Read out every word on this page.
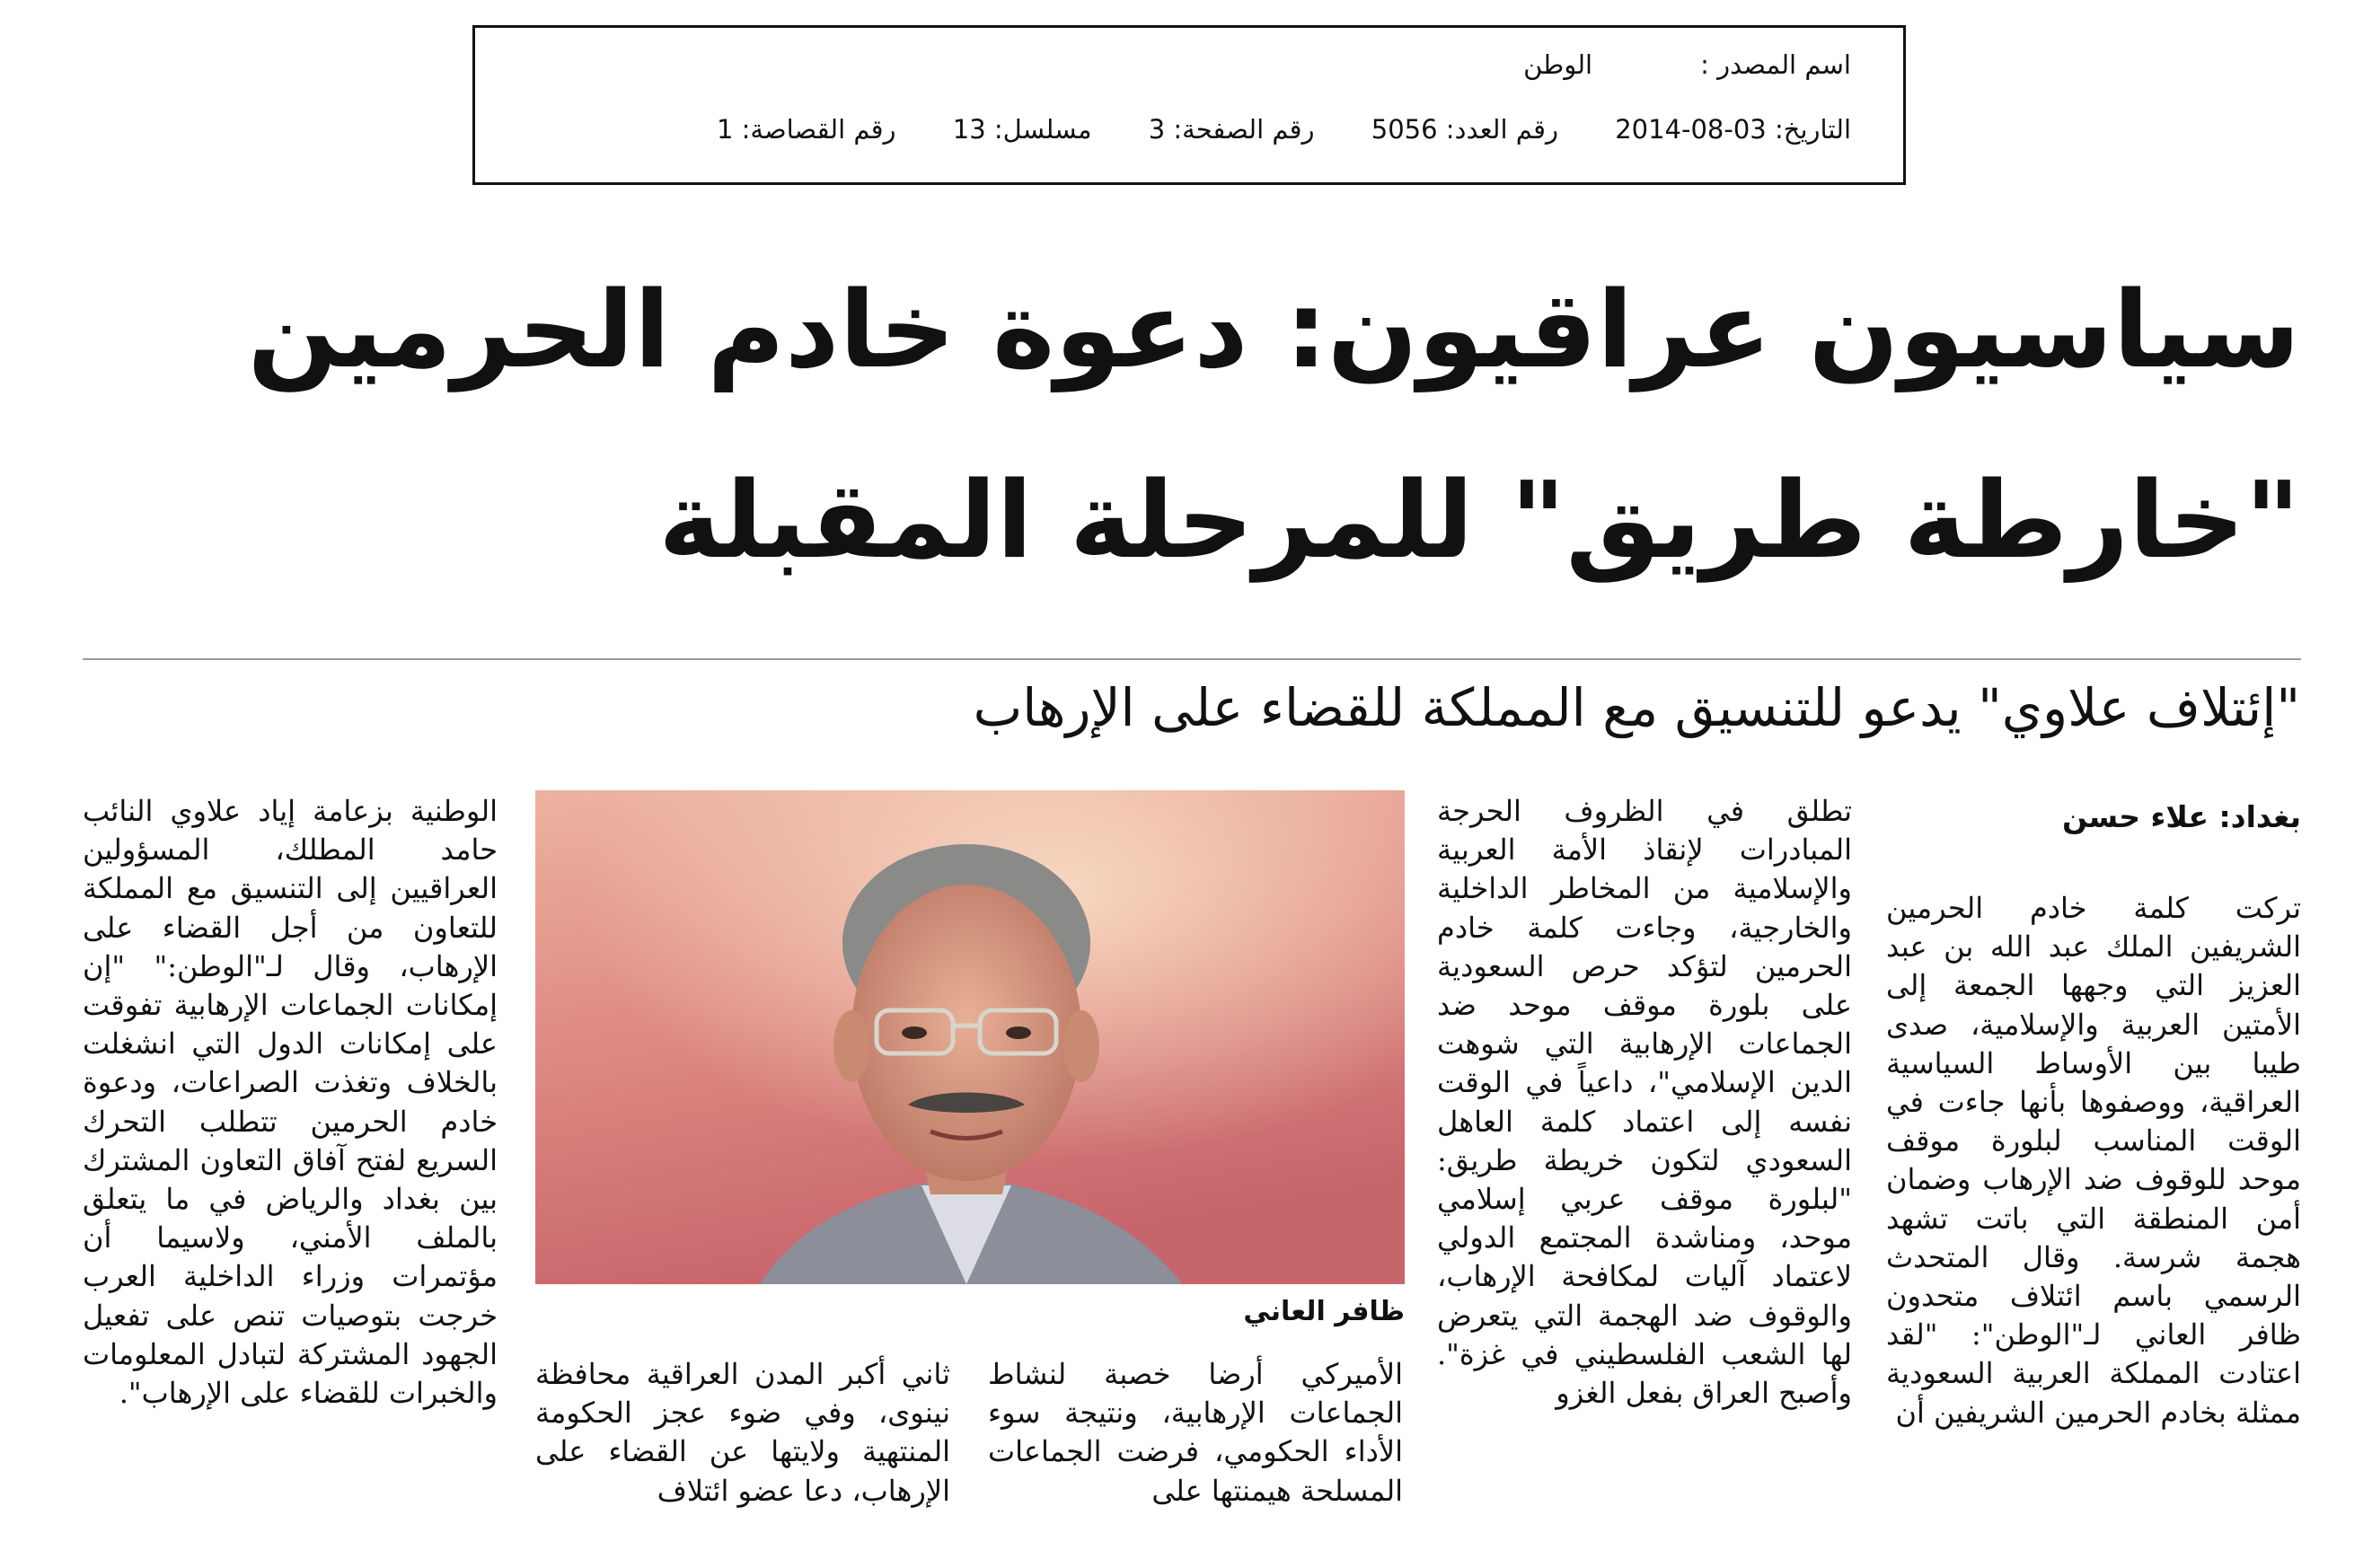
اسم المصدر :الوطن
التاريخ: 2014-08-03 رقم العدد: 5056 رقم الصفحة: 3 مسلسل: 13 رقم القصاصة: 1
سياسيون عراقيون: دعوة خادم الحرمين
"خارطة طريق" للمرحلة المقبلة
"إئتلاف علاوي" يدعو للتنسيق مع المملكة للقضاء على الإرهاب
بغداد: علاء حسن

تركت كلمة خادم الحرمين الشريفين الملك عبد الله بن عبد العزيز التي وجهها الجمعة إلى الأمتين العربية والإسلامية، صدى طيبا بين الأوساط السياسية العراقية، ووصفوها بأنها جاءت في الوقت المناسب لبلورة موقف موحد للوقوف ضد الإرهاب وضمان أمن المنطقة التي باتت تشهد هجمة شرسة. وقال المتحدث الرسمي باسم ائتلاف متحدون ظافر العاني لـ"الوطن": "لقد اعتادت المملكة العربية السعودية ممثلة بخادم الحرمين الشريفين أن

تطلق في الظروف الحرجة المبادرات لإنقاذ الأمة العربية والإسلامية من المخاطر الداخلية والخارجية، وجاءت كلمة خادم الحرمين لتؤكد حرص السعودية على بلورة موقف موحد ضد الجماعات الإرهابية التي شوهت الدين الإسلامي"، داعياً في الوقت نفسه إلى اعتماد كلمة العاهل السعودي لتكون خريطة طريق: "لبلورة موقف عربي إسلامي موحد، ومناشدة المجتمع الدولي لاعتماد آليات لمكافحة الإرهاب، والوقوف ضد الهجمة التي يتعرض لها الشعب الفلسطيني في غزة". وأصبح العراق بفعل الغزو

الأميركي أرضا خصبة لنشاط الجماعات الإرهابية، ونتيجة سوء الأداء الحكومي، فرضت الجماعات المسلحة هيمنتها على

ثاني أكبر المدن العراقية محافظة نينوى، وفي ضوء عجز الحكومة المنتهية ولايتها عن القضاء على الإرهاب، دعا عضو ائتلاف

الوطنية بزعامة إياد علاوي النائب حامد المطلك، المسؤولين العراقيين إلى التنسيق مع المملكة للتعاون من أجل القضاء على الإرهاب، وقال لـ"الوطن:" "إن إمكانات الجماعات الإرهابية تفوقت على إمكانات الدول التي انشغلت بالخلاف وتغذت الصراعات، ودعوة خادم الحرمين تتطلب التحرك السريع لفتح آفاق التعاون المشترك بين بغداد والرياض في ما يتعلق بالملف الأمني، ولاسيما أن مؤتمرات وزراء الداخلية العرب خرجت بتوصيات تنص على تفعيل الجهود المشتركة لتبادل المعلومات والخبرات للقضاء على الإرهاب".

ظافر العاني
